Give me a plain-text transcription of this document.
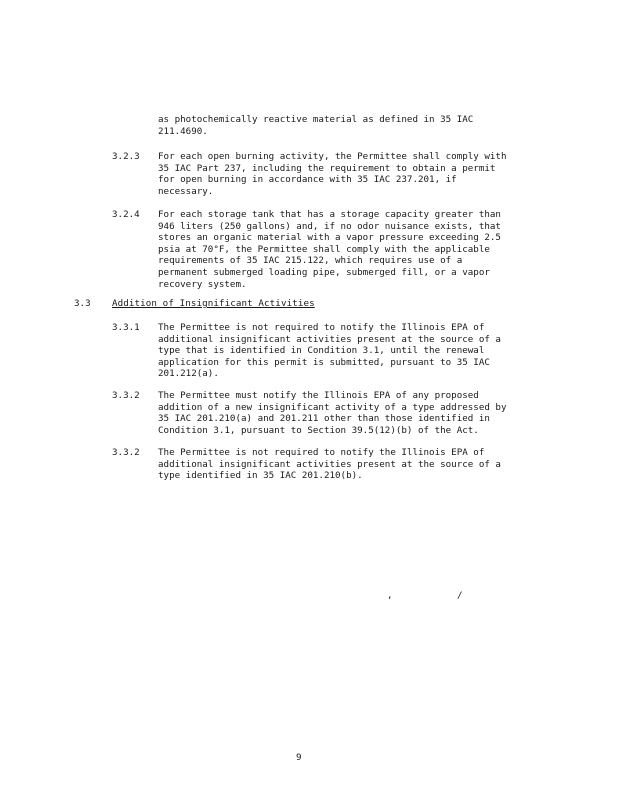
as photochemically reactive material as defined in 35 IAC
211.4690.
3.2.3 For each open burning activity, the Permittee shall comply with
35 IAC Part 237, including the requirement to obtain a permit
for open burning in accordance with 35 IAC 237.201, if
necessary.
3.2.4 For each storage tank that has a storage capacity greater than
946 liters (250 gallons) and, if no odor nuisance exists, that
stores an organic material with a vapor pressure exceeding 2.5
psia at 70°F, the Permittee shall comply with the applicable
requirements of 35 IAC 215.122, which requires use of a
permanent submerged loading pipe, submerged fill, or a vapor
recovery system.
3.3 Addition of Insignificant Activities
3.3.1 The Permittee is not required to notify the Illinois EPA of
additional insignificant activities present at the source of a
type that is identified in Condition 3.1, until the renewal
application for this permit is submitted, pursuant to 35 IAC
201.212(a).
3.3.2 The Permittee must notify the Illinois EPA of any proposed
addition of a new insignificant activity of a type addressed by
35 IAC 201.210(a) and 201.211 other than those identified in
Condition 3.1, pursuant to Section 39.5(12)(b) of the Act.
3.3.2 The Permittee is not required to notify the Illinois EPA of
additional insignificant activities present at the source of a
type identified in 35 IAC 201.210(b).
,	/
9
